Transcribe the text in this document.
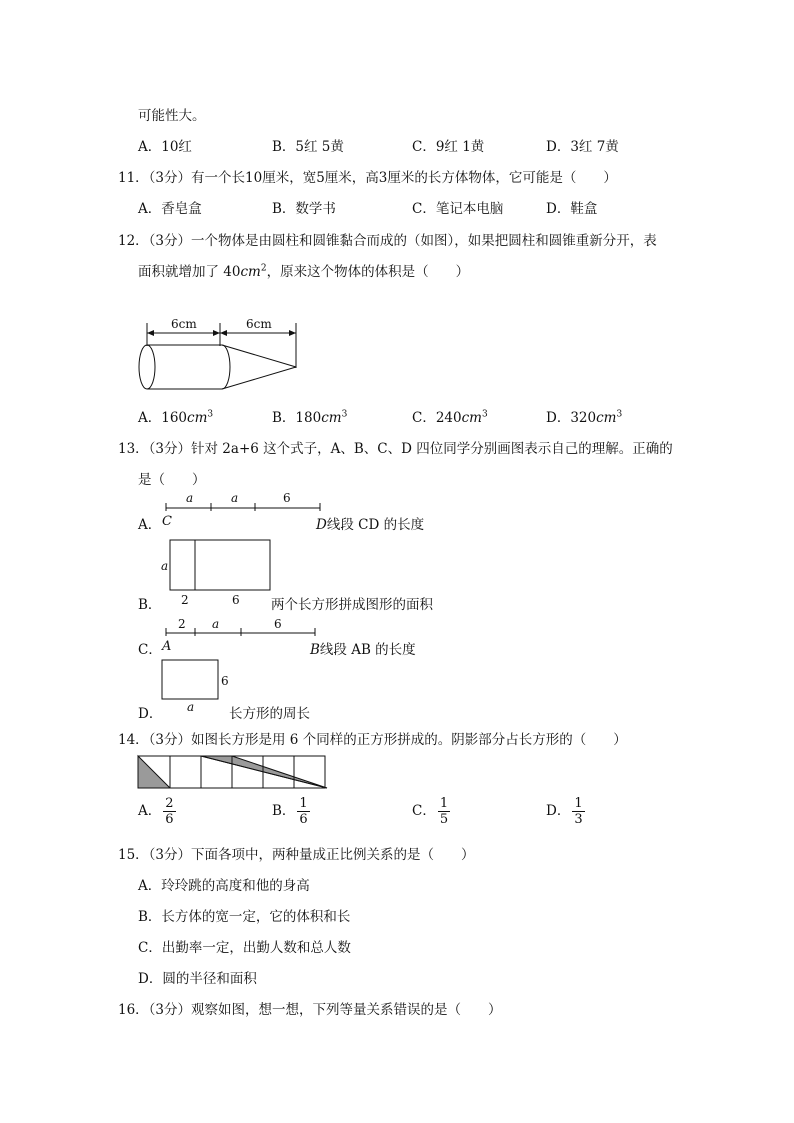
可能性大。
A．10红	B．5红 5黄	C．9红 1黄	D．3红 7黄
11．（3分）有一个长10厘米，宽5厘米，高3厘米的长方体物体，它可能是（　　）
A．香皂盒	B．数学书	C．笔记本电脑	D．鞋盒
12．（3分）一个物体是由圆柱和圆锥黏合而成的（如图），如果把圆柱和圆锥重新分开，表
面积就增加了 $40cm^2$，原来这个物体的体积是（　　）
6cm	6cm
A．$160cm^3$	B．$180cm^3$	C．$240cm^3$	D．$320cm^3$
13．（3分）针对 2a+6 这个式子，A、B、C、D 四位同学分别画图表示自己的理解。正确的
是（　　）
A．
a	a	6
C	D线段 CD 的长度
a
2	6
B．	两个长方形拼成图形的面积
C．
2 a	6
A	B线段 AB 的长度
6
a
D．	长方形的周长
14．（3分）如图长方形是用 6 个同样的正方形拼成的。阴影部分占长方形的（　　）
A． $\frac{2}{6}$	B． $\frac{1}{6}$	C． $\frac{1}{5}$	D． $\frac{1}{3}$
15．（3分）下面各项中，两种量成正比例关系的是（　　）
A．玲玲跳的高度和他的身高
B．长方体的宽一定，它的体积和长
C．出勤率一定，出勤人数和总人数
D．圆的半径和面积
16．（3分）观察如图，想一想，下列等量关系错误的是（　　）
